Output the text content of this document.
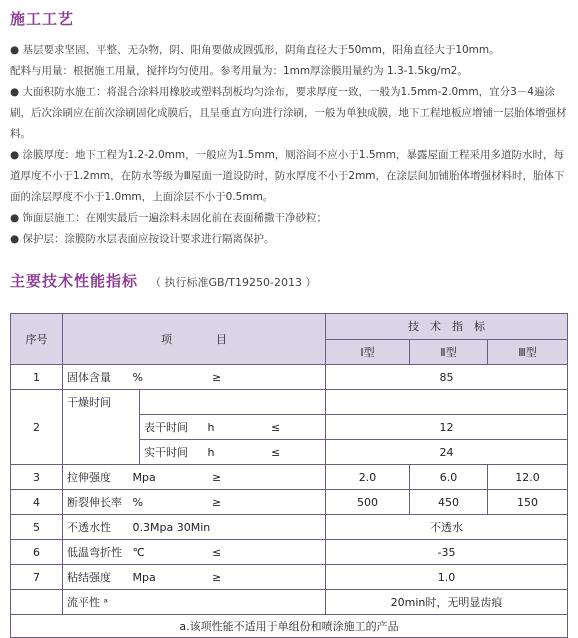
施工工艺

● 基层要求坚固、平整、无杂物，阴、阳角要做成圆弧形，阴角直径大于50mm，阳角直径大于10mm。

配料与用量：根据施工用量，搅拌均匀使用。参考用量为：1mm厚涂膜用量约为 1.3-1.5kg/m2。

● 大面积防水施工：将混合涂料用橡胶或塑料刮板均匀涂布，要求厚度一致，一般为1.5mm-2.0mm，宜分3－4遍涂刷，后次涂刷应在前次涂刷固化成膜后，且呈垂直方向进行涂刷，一般为单独成膜，地下工程地板应增铺一层胎体增强材料。

● 涂膜厚度：地下工程为1.2-2.0mm，一般应为1.5mm，厕浴间不应小于1.5mm，暴露屋面工程采用多道防水时，每道厚度不小于1.2mm，在防水等级为Ⅲ屋面一道设防时，防水厚度不小于2mm，在涂层间加铺胎体增强材料时，胎体下面的涂层厚度不小于1.0mm，上面涂层不小于0.5mm。

● 饰面层施工：在刚实最后一遍涂料未固化前在表面稀撒干净砂粒；

● 保护层：涂膜防水层表面应按设计要求进行隔离保护。

主要技术性能指标 （ 执行标准GB/T19250-2013 ）
序号	项　　　　目		技　术　指　标		
			I型	Ⅱ型	Ⅲ型
1	固体含量 % ≥		85		
2	干燥时间				
		表干时间 h ≤	12		
		实干时间 h ≤	24		
3	拉伸强度 Mpa ≥		2.0	6.0	12.0
4	断裂伸长率 % ≥		500	450	150
5	不透水性 0.3Mpa 30Min		不透水		
6	低温弯折性 ℃ ≤		-35		
7	粘结强度 Mpa ≥		1.0		
	流平性 ᵃ		20min时，无明显齿痕		
a.该项性能不适用于单组份和喷涂施工的产品					
